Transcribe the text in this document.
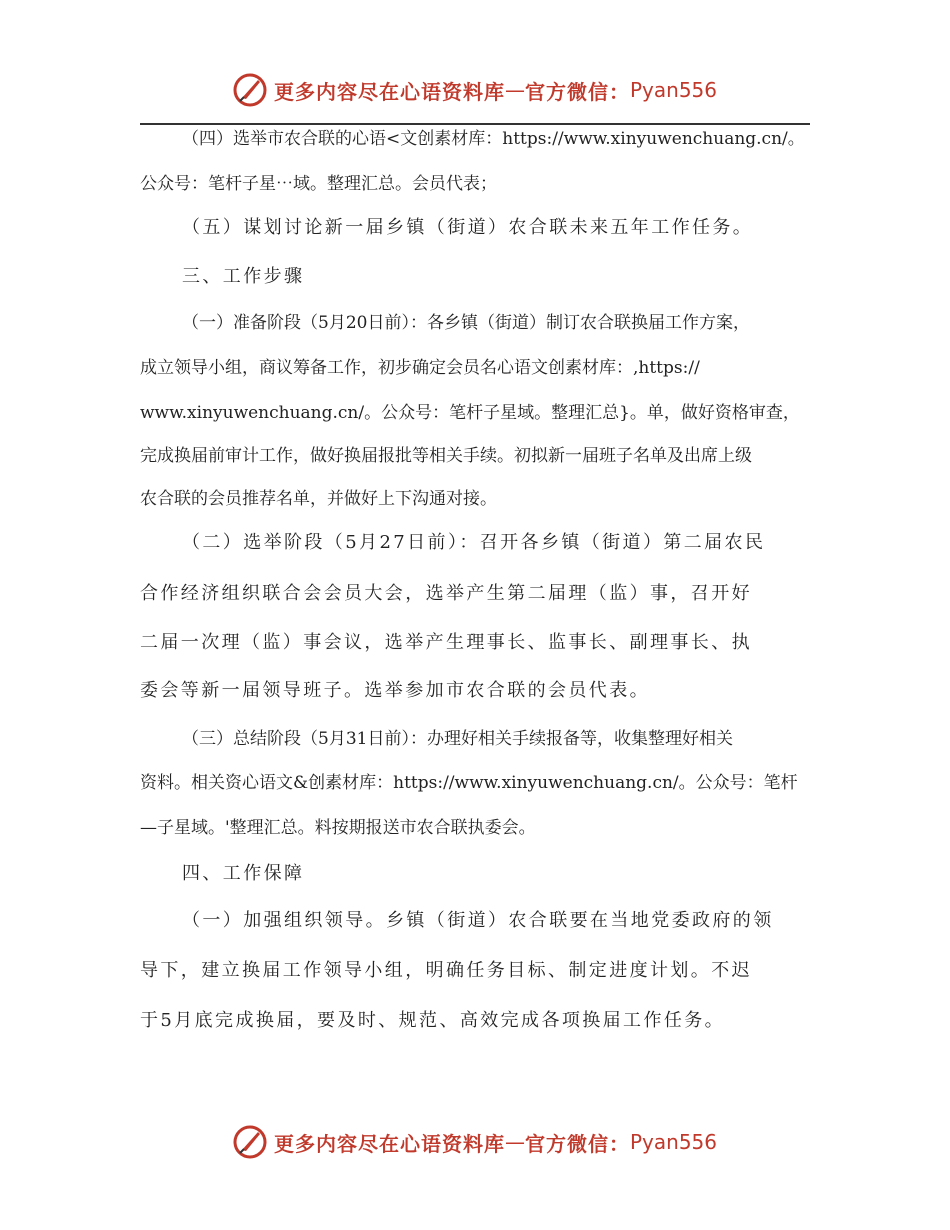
更多内容尽在心语资料库 — 官方微信： Pyan556
（四）选举市农合联的心语<文创素材库：https://www.xinyuwenchuang.cn/。
公众号：笔杆子星⋯域。整理汇总。会员代表；
（五）谋划讨论新一届乡镇（街道）农合联未来五年工作任务。
三、工作步骤
（一）准备阶段（5月20日前）：各乡镇（街道）制订农合联换届工作方案，
成立领导小组，商议筹备工作，初步确定会员名心语文创素材库：,https://
www.xinyuwenchuang.cn/。公众号：笔杆子星域。整理汇总}。单，做好资格审查，
完成换届前审计工作，做好换届报批等相关手续。初拟新一届班子名单及出席上级
农合联的会员推荐名单，并做好上下沟通对接。
（二）选举阶段（5月27日前）：召开各乡镇（街道）第二届农民
合作经济组织联合会会员大会，选举产生第二届理（监）事，召开好
二届一次理（监）事会议，选举产生理事长、监事长、副理事长、执
委会等新一届领导班子。选举参加市农合联的会员代表。
（三）总结阶段（5月31日前）：办理好相关手续报备等，收集整理好相关
资料。相关资心语文&创素材库：https://www.xinyuwenchuang.cn/。公众号：笔杆
—子星域。'整理汇总。料按期报送市农合联执委会。
四、工作保障
（一）加强组织领导。乡镇（街道）农合联要在当地党委政府的领
导下，建立换届工作领导小组，明确任务目标、制定进度计划。不迟
于5月底完成换届，要及时、规范、高效完成各项换届工作任务。
更多内容尽在心语资料库 — 官方微信： Pyan556
